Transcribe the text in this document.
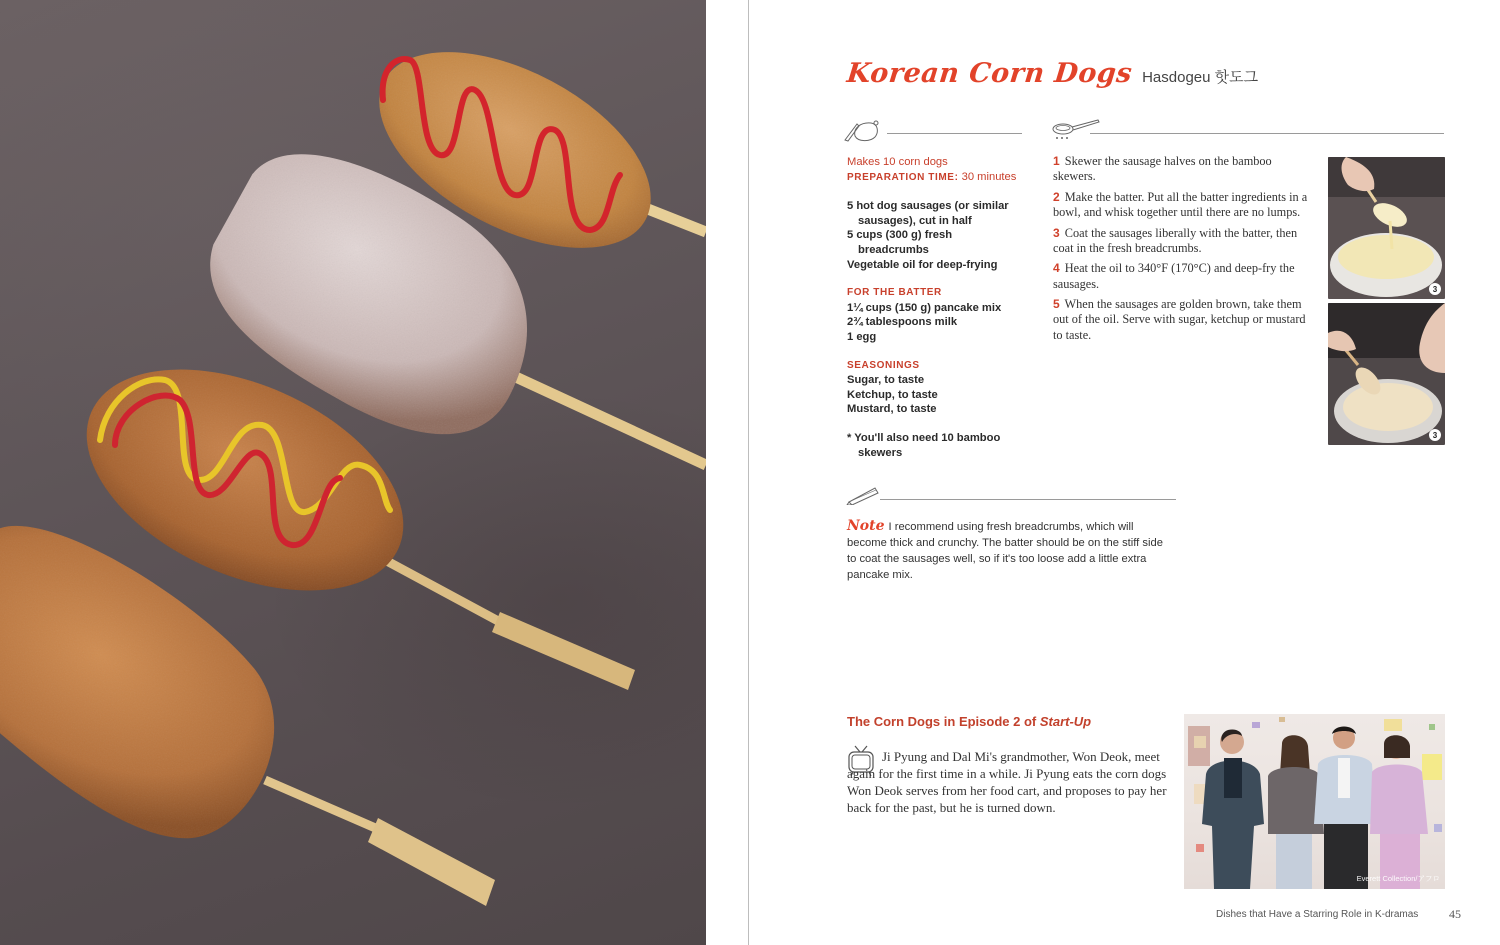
Korean Corn Dogs Hasdogeu 핫도그
Makes 10 corn dogs
PREPARATION TIME: 30 minutes
5 hot dog sausages (or similar
sausages), cut in half
5 cups (300 g) fresh
breadcrumbs
Vegetable oil for deep-frying
FOR THE BATTER
1¼ cups (150 g) pancake mix
2¾ tablespoons milk
1 egg
SEASONINGS
Sugar, to taste
Ketchup, to taste
Mustard, to taste
* You'll also need 10 bamboo
skewers
1 Skewer the sausage halves on the bamboo skewers.
2 Make the batter. Put all the batter ingredients in a bowl, and whisk together until there are no lumps.
3 Coat the sausages liberally with the batter, then coat in the fresh breadcrumbs.
4 Heat the oil to 340°F (170°C) and deep-fry the sausages.
5 When the sausages are golden brown, take them out of the oil. Serve with sugar, ketchup or mustard to taste.
3
3
Note I recommend using fresh breadcrumbs, which will become thick and crunchy. The batter should be on the stiff side to coat the sausages well, so if it's too loose add a little extra pancake mix.
The Corn Dogs in Episode 2 of Start-Up
Ji Pyung and Dal Mi's grandmother, Won Deok, meet again for the first time in a while. Ji Pyung eats the corn dogs Won Deok serves from her food cart, and proposes to pay her back for the past, but he is turned down.
Everett Collection/アフロ
Dishes that Have a Starring Role in K-dramas	45
